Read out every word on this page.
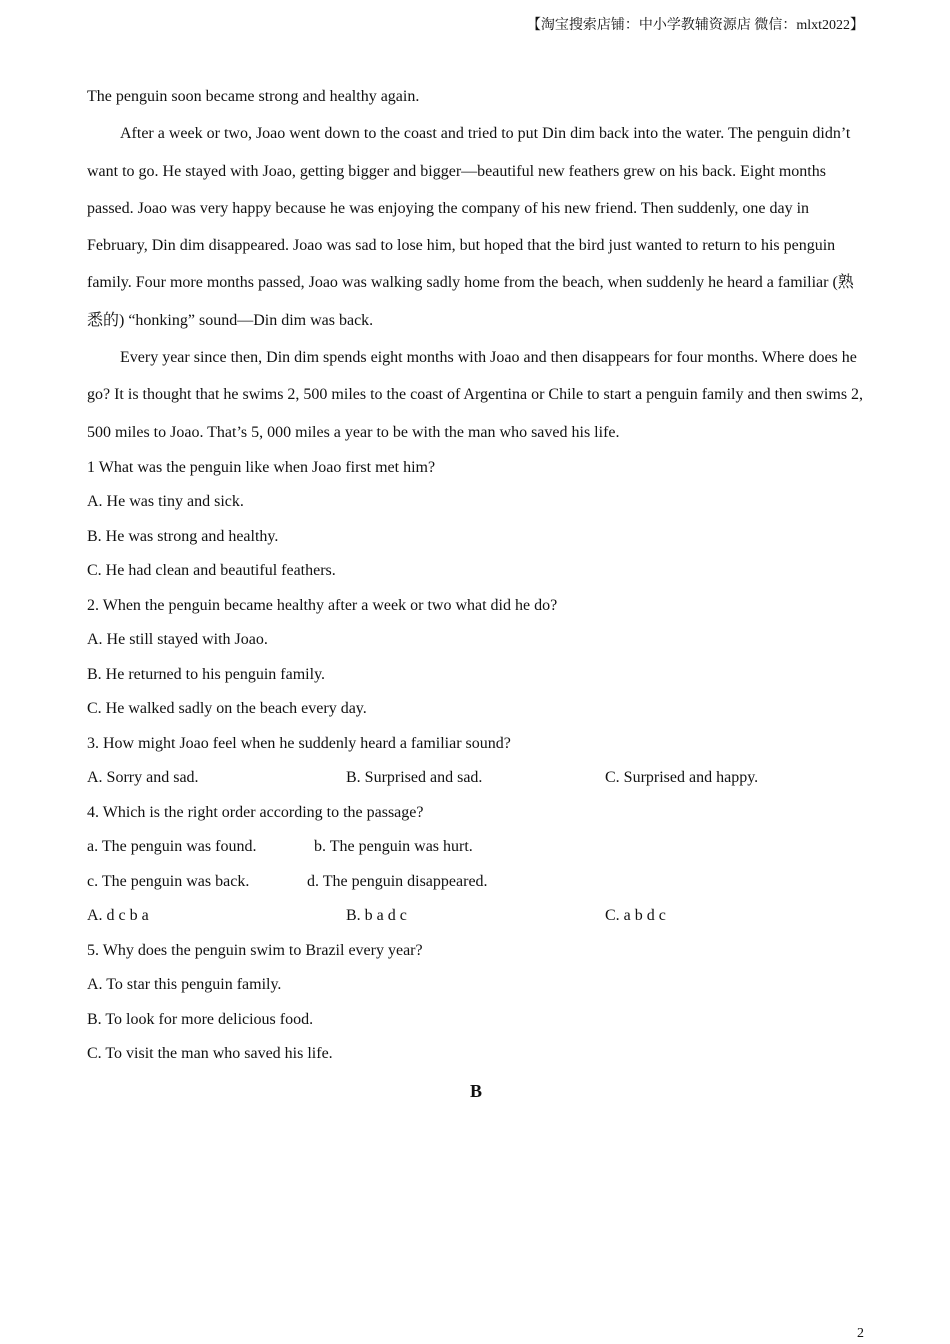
【淘宝搜索店铺：中小学教辅资源店 微信：mlxt2022】

The penguin soon became strong and healthy again.

After a week or two, Joao went down to the coast and tried to put Din dim back into the water. The penguin didn’t want to go. He stayed with Joao, getting bigger and bigger—beautiful new feathers grew on his back. Eight months passed. Joao was very happy because he was enjoying the company of his new friend. Then suddenly, one day in February, Din dim disappeared. Joao was sad to lose him, but hoped that the bird just wanted to return to his penguin family. Four more months passed, Joao was walking sadly home from the beach, when suddenly he heard a familiar (熟悉的) “honking” sound—Din dim was back.

Every year since then, Din dim spends eight months with Joao and then disappears for four months. Where does he go? It is thought that he swims 2, 500 miles to the coast of Argentina or Chile to start a penguin family and then swims 2, 500 miles to Joao. That’s 5, 000 miles a year to be with the man who saved his life.

1 What was the penguin like when Joao first met him?

A. He was tiny and sick.

B. He was strong and healthy.

C. He had clean and beautiful feathers.

2. When the penguin became healthy after a week or two what did he do?

A. He still stayed with Joao.

B. He returned to his penguin family.

C. He walked sadly on the beach every day.

3. How might Joao feel when he suddenly heard a familiar sound?

A. Sorry and sad.	B. Surprised and sad.	C. Surprised and happy.

4. Which is the right order according to the passage?

a. The penguin was found.	b. The penguin was hurt.
c. The penguin was back.	d. The penguin disappeared.
A. d c b a	B. b a d c	C. a b d c

5. Why does the penguin swim to Brazil every year?

A. To star this penguin family.

B. To look for more delicious food.

C. To visit the man who saved his life.

B

2
